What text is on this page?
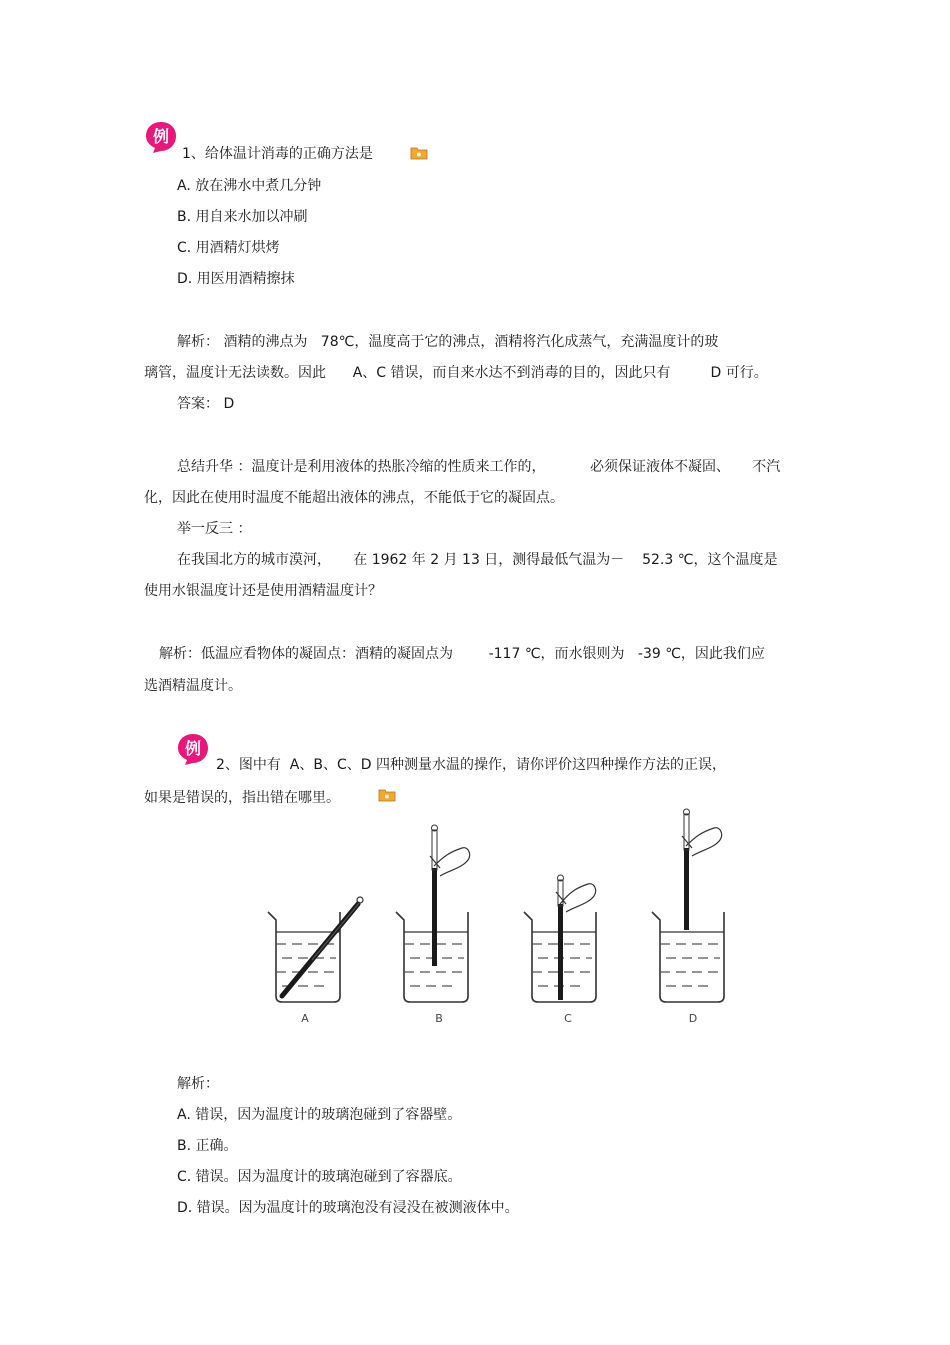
例
1、给体温计消毒的正确方法是
A. 放在沸水中煮几分钟
B. 用自来水加以冲刷
C. 用酒精灯烘烤
D. 用医用酒精擦抹
解析： 酒精的沸点为   78℃，温度高于它的沸点，酒精将汽化成蒸气，充满温度计的玻
璃管，温度计无法读数。因此      A、C 错误，而自来水达不到消毒的目的，因此只有         D 可行。
答案： D
总结升华 ：温度计是利用液体的热胀冷缩的性质来工作的，          必须保证液体不凝固、     不汽
化，因此在使用时温度不能超出液体的沸点，不能低于它的凝固点。
举一反三 ：
在我国北方的城市漠河，     在 1962 年 2 月 13 日，测得最低气温为－    52.3 ℃，这个温度是
使用水银温度计还是使用酒精温度计？
解析：低温应看物体的凝固点：酒精的凝固点为        -117 ℃，而水银则为   -39 ℃，因此我们应
选酒精温度计。
例
2、图中有  A、B、C、D 四种测量水温的操作，请你评价这四种操作方法的正误，
如果是错误的，指出错在哪里。
A	B	C	D
解析：
A. 错误，因为温度计的玻璃泡碰到了容器壁。
B. 正确。
C. 错误。因为温度计的玻璃泡碰到了容器底。
D. 错误。因为温度计的玻璃泡没有浸没在被测液体中。
